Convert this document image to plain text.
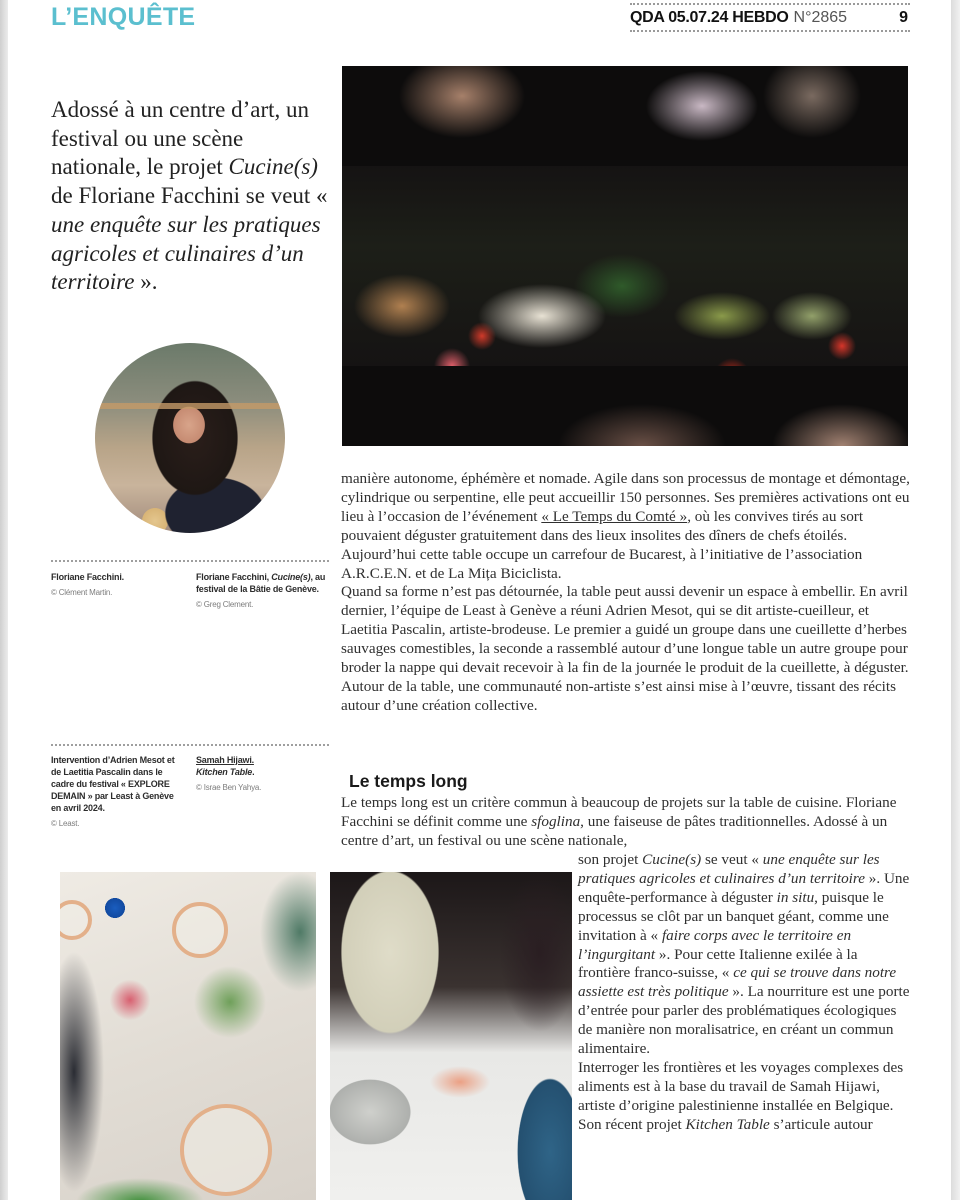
L’ENQUÊTE	QDA 05.07.24 HEBDO N°2865	9
Adossé à un centre d’art, un festival ou une scène nationale, le projet Cucine(s) de Floriane Facchini se veut « une enquête sur les pratiques agricoles et culinaires d’un territoire ».
Floriane Facchini.
© Clément Martin.
Floriane Facchini, Cucine(s), au festival de la Bâtie de Genève.
© Greg Clement.
Intervention d’Adrien Mesot et de Laetitia Pascalin dans le cadre du festival « EXPLORE DEMAIN » par Least à Genève en avril 2024.
© Least.
Samah Hijawi.
Kitchen Table.
© Israe Ben Yahya.

manière autonome, éphémère et nomade. Agile dans son processus de montage et démontage, cylindrique ou serpentine, elle peut accueillir 150 personnes. Ses premières activations ont eu lieu à l’occasion de l’événement « Le Temps du Comté », où les convives tirés au sort pouvaient déguster gratuitement dans des lieux insolites des dîners de chefs étoilés. Aujourd’hui cette table occupe un carrefour de Bucarest, à l’initiative de l’association A.R.C.E.N. et de La Mița Biciclista.

Quand sa forme n’est pas détournée, la table peut aussi devenir un espace à embellir. En avril dernier, l’équipe de Least à Genève a réuni Adrien Mesot, qui se dit artiste-cueilleur, et Laetitia Pascalin, artiste-brodeuse. Le premier a guidé un groupe dans une cueillette d’herbes sauvages comestibles, la seconde a rassemblé autour d’une longue table un autre groupe pour broder la nappe qui devait recevoir à la fin de la journée le produit de la cueillette, à déguster. Autour de la table, une communauté non-artiste s’est ainsi mise à l’œuvre, tissant des récits autour d’une création collective.

Le temps long

Le temps long est un critère commun à beaucoup de projets sur la table de cuisine. Floriane Facchini se définit comme une sfoglina, une faiseuse de pâtes traditionnelles. Adossé à un centre d’art, un festival ou une scène nationale,

son projet Cucine(s) se veut « une enquête sur les pratiques agricoles et culinaires d’un territoire ». Une enquête-performance à déguster in situ, puisque le processus se clôt par un banquet géant, comme une invitation à « faire corps avec le territoire en l’ingurgitant ». Pour cette Italienne exilée à la frontière franco-suisse, « ce qui se trouve dans notre assiette est très politique ». La nourriture est une porte d’entrée pour parler des problématiques écologiques de manière non moralisatrice, en créant un commun alimentaire.

Interroger les frontières et les voyages complexes des aliments est à la base du travail de Samah Hijawi, artiste d’origine palestinienne installée en Belgique. Son récent projet Kitchen Table s’articule autour
